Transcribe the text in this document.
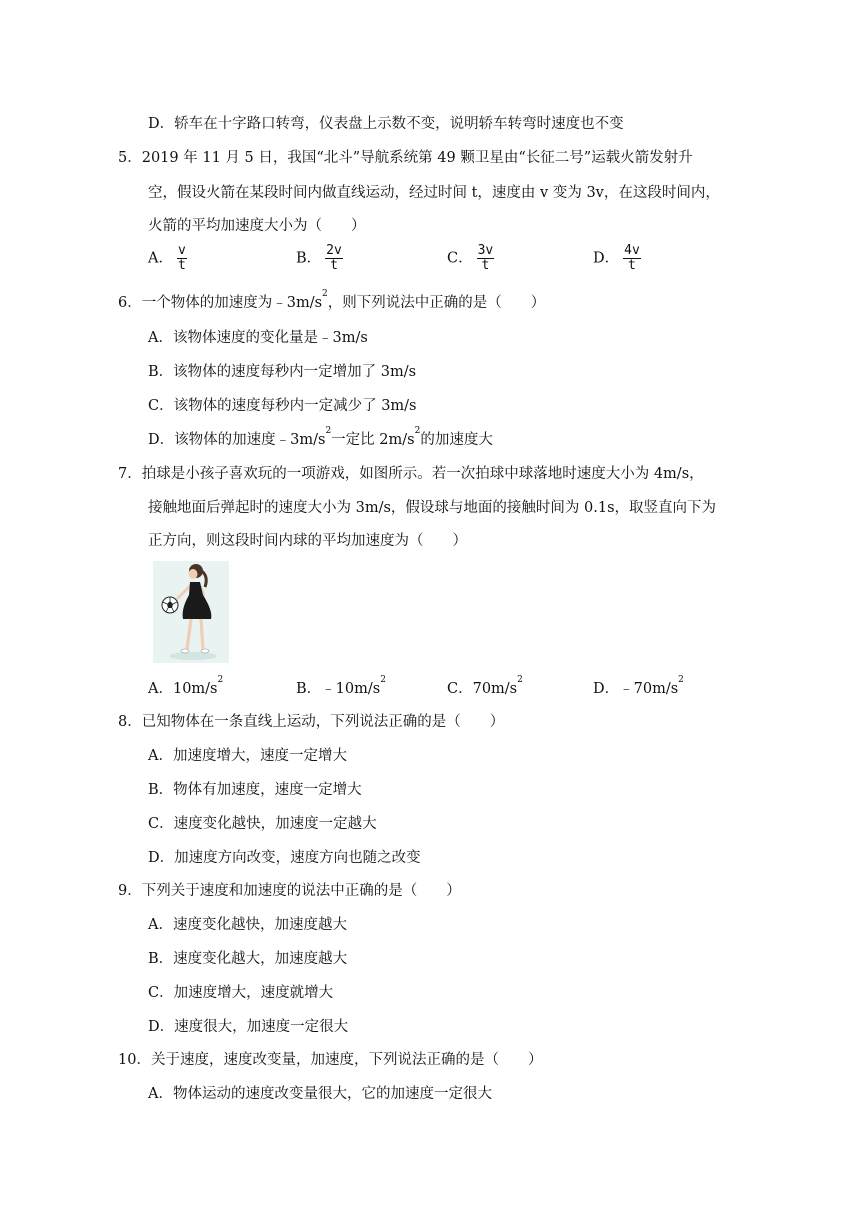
D．轿车在十字路口转弯，仪表盘上示数不变，说明轿车转弯时速度也不变
5．2019 年 11 月 5 日，我国“北斗”导航系统第 49 颗卫星由“长征二号”运载火箭发射升
空，假设火箭在某段时间内做直线运动，经过时间 t，速度由 v 变为 3v，在这段时间内，
火箭的平均加速度大小为（　　）
A． $\frac{v}{t}$	B． $\frac{2v}{t}$	C． $\frac{3v}{t}$	D． $\frac{4v}{t}$
6．一个物体的加速度为$﹣3m/s^2$，则下列说法中正确的是（　　）
A．该物体速度的变化量是﹣3m/s
B．该物体的速度每秒内一定增加了 3m/s
C．该物体的速度每秒内一定减少了 3m/s
D．该物体的加速度$﹣3m/s^2$一定比 $2m/s^2$的加速度大
7．拍球是小孩子喜欢玩的一项游戏，如图所示。若一次拍球中球落地时速度大小为 4m/s，
接触地面后弹起时的速度大小为 3m/s，假设球与地面的接触时间为 0.1s，取竖直向下为
正方向，则这段时间内球的平均加速度为（　　）
A．$10m/s^2$
B．$﹣10m/s^2$
C．$70m/s^2$
D．$﹣70m/s^2$
8．已知物体在一条直线上运动，下列说法正确的是（　　）
A．加速度增大，速度一定增大
B．物体有加速度，速度一定增大
C．速度变化越快，加速度一定越大
D．加速度方向改变，速度方向也随之改变
9．下列关于速度和加速度的说法中正确的是（　　）
A．速度变化越快，加速度越大
B．速度变化越大，加速度越大
C．加速度增大，速度就增大
D．速度很大，加速度一定很大
10．关于速度，速度改变量，加速度，下列说法正确的是（　　）
A．物体运动的速度改变量很大，它的加速度一定很大
